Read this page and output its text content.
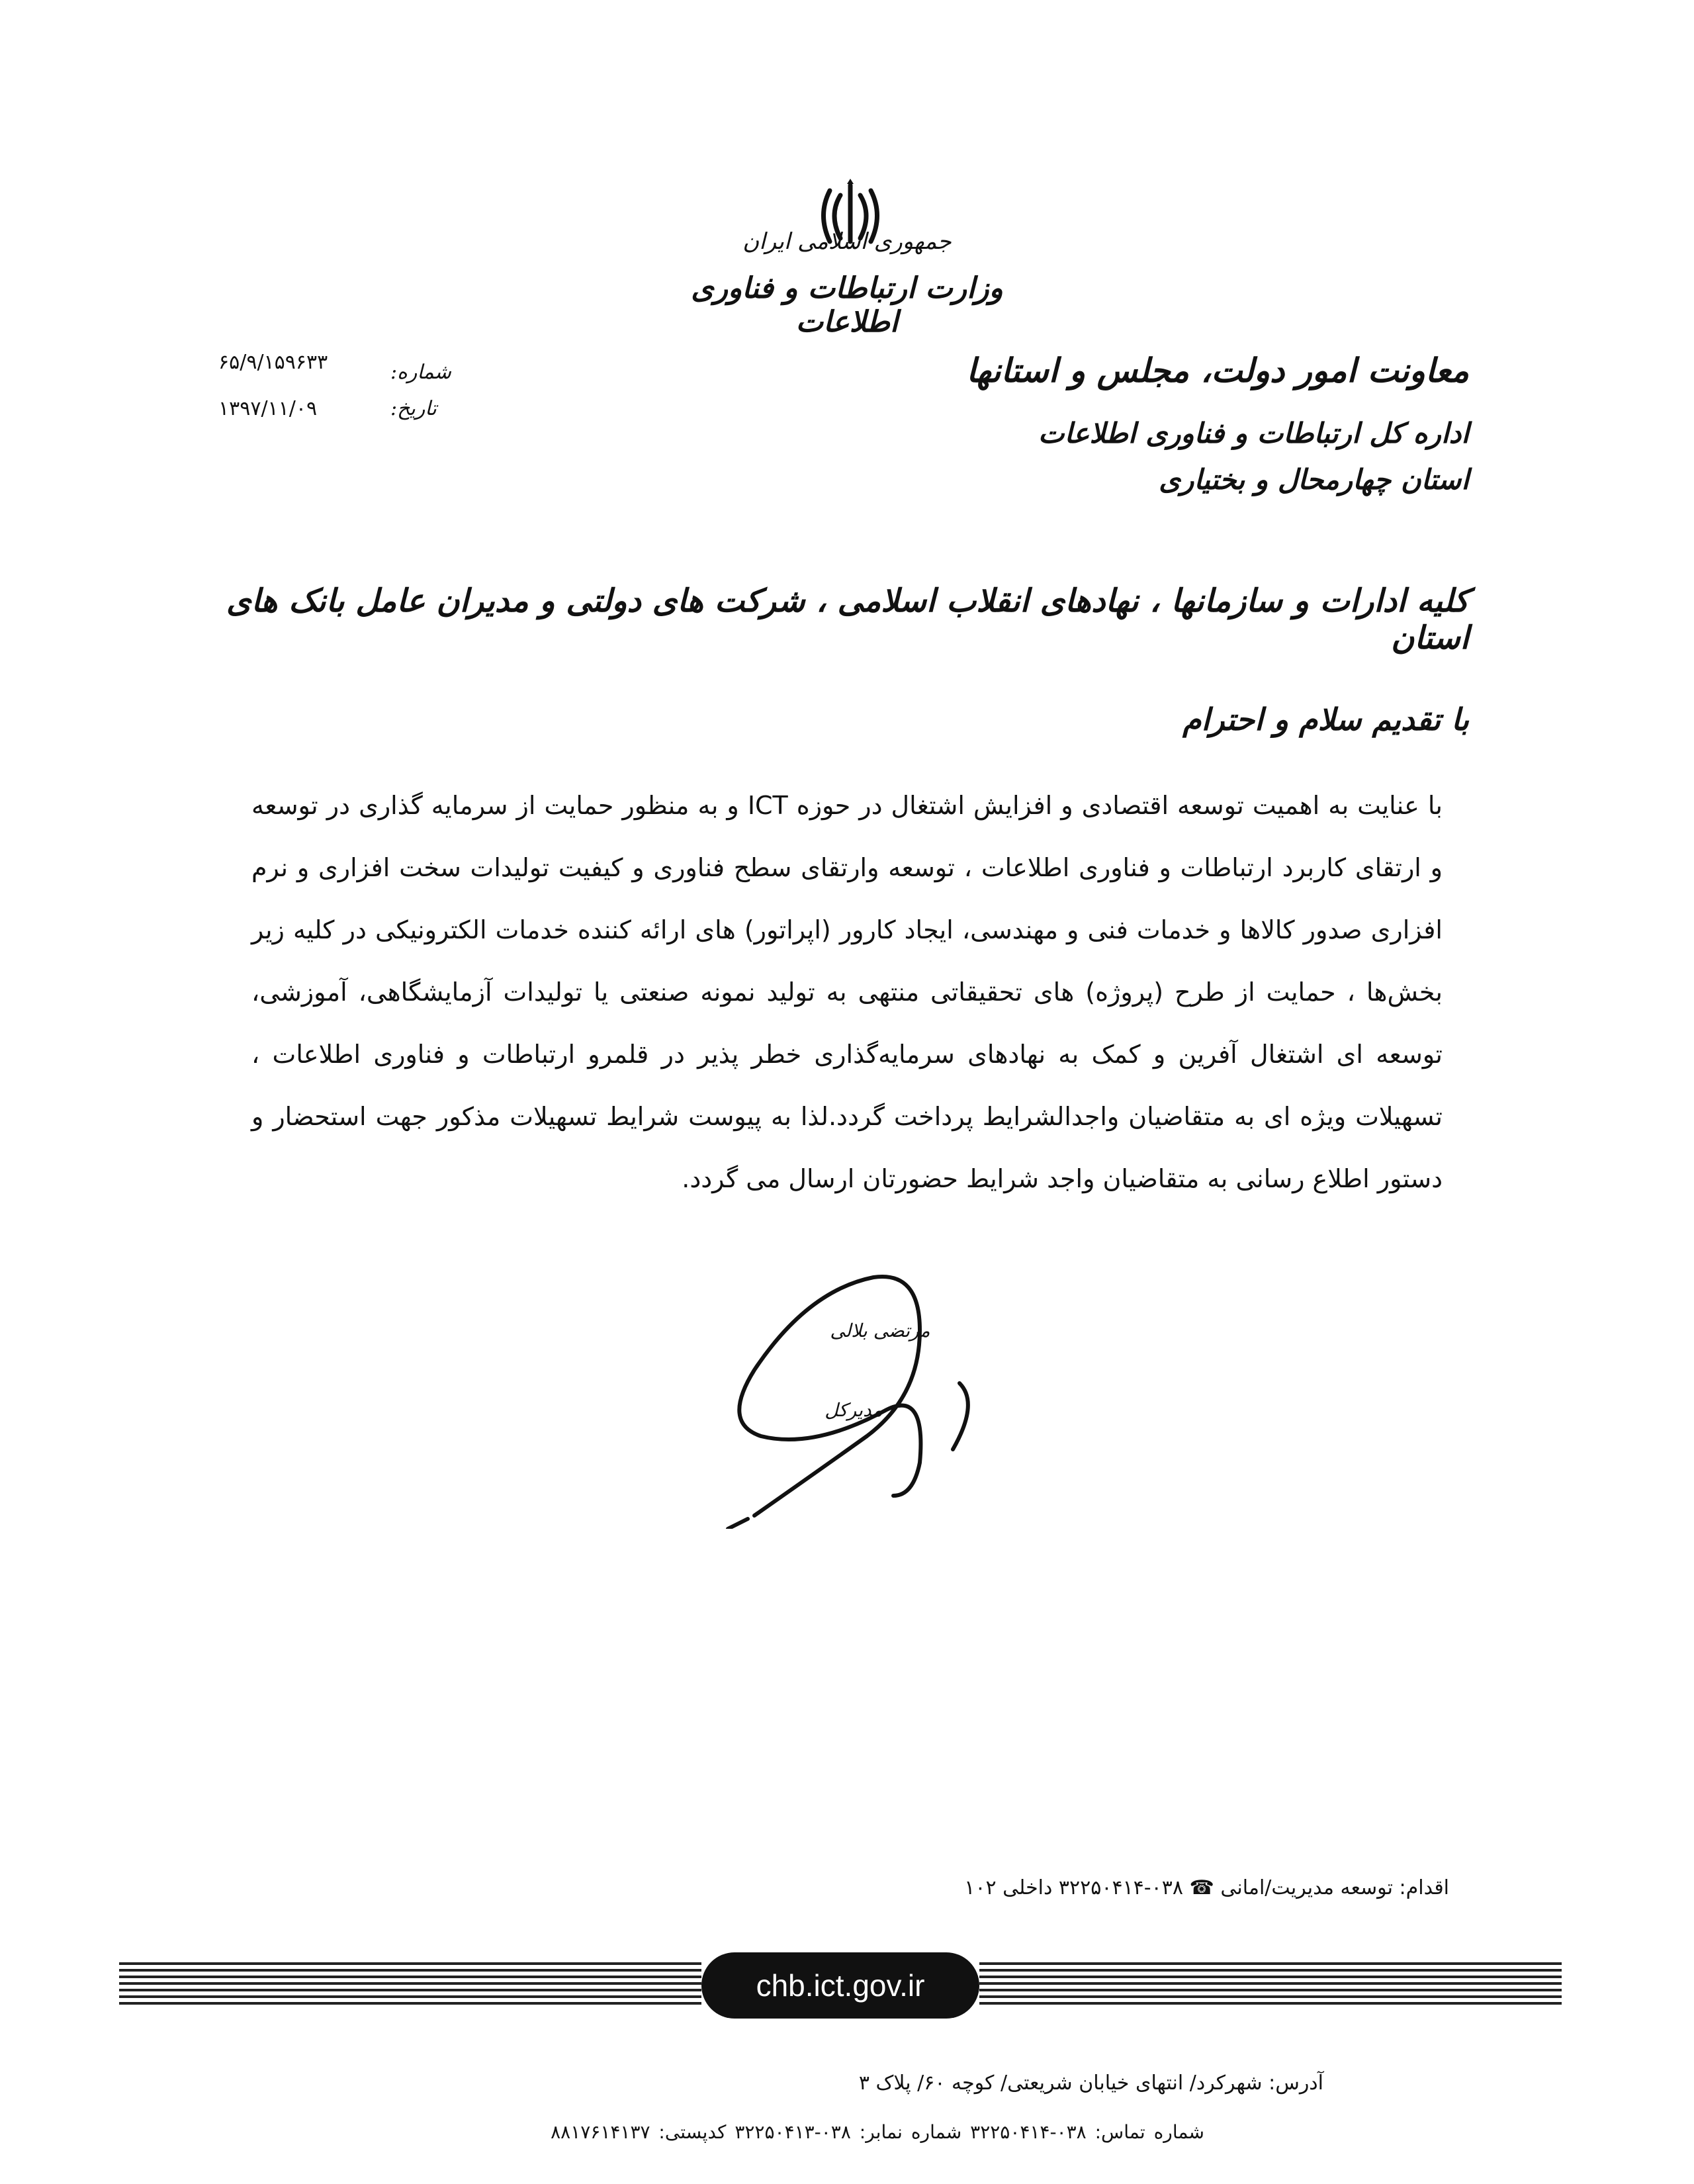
جمهوری اسلامی ایران
وزارت ارتباطات و فناوری اطلاعات
معاونت امور دولت، مجلس و استانها
اداره کل ارتباطات و فناوری اطلاعات
استان چهارمحال و بختیاری
شماره:
۶۵/۹/۱۵۹۶۳۳
تاریخ:
۱۳۹۷/۱۱/۰۹
کلیه ادارات و سازمانها ، نهادهای انقلاب اسلامی ، شرکت های دولتی و مدیران عامل بانک های استان
با تقدیم سلام و احترام
با عنایت به اهمیت توسعه اقتصادی و افزایش اشتغال در حوزه ICT و به منظور حمایت از سرمایه گذاری در توسعه و ارتقای کاربرد ارتباطات و فناوری اطلاعات ، توسعه وارتقای سطح فناوری و کیفیت تولیدات سخت افزاری و نرم افزاری صدور کالاها و خدمات فنی و مهندسی، ایجاد کارور (اپراتور) های ارائه کننده خدمات الکترونیکی در کلیه زیر بخش‌ها ، حمایت از طرح (پروژه) های تحقیقاتی منتهی به تولید نمونه صنعتی یا تولیدات آزمایشگاهی، آموزشی، توسعه ای اشتغال آفرین و کمک به نهادهای سرمایه‌گذاری خطر پذیر در قلمرو ارتباطات و فناوری اطلاعات ، تسهیلات ویژه ای به متقاضیان واجدالشرایط پرداخت گردد.لذا به پیوست شرایط تسهیلات مذکور جهت استحضار و دستور اطلاع رسانی به متقاضیان واجد شرایط حضورتان ارسال می گردد.
مرتضی بلالی
مدیرکل
اقدام: توسعه مدیریت/امانی ☎ ۰۳۸-۳۲۲۵۰۴۱۴ داخلی ۱۰۲
chb.ict.gov.ir
آدرس: شهرکرد/ انتهای خیابان شریعتی/ کوچه ۶۰/ پلاک ۳
شماره تماس: ۰۳۸-۳۲۲۵۰۴۱۴ شماره نمابر: ۰۳۸-۳۲۲۵۰۴۱۳ کدپستی: ۸۸۱۷۶۱۴۱۳۷
